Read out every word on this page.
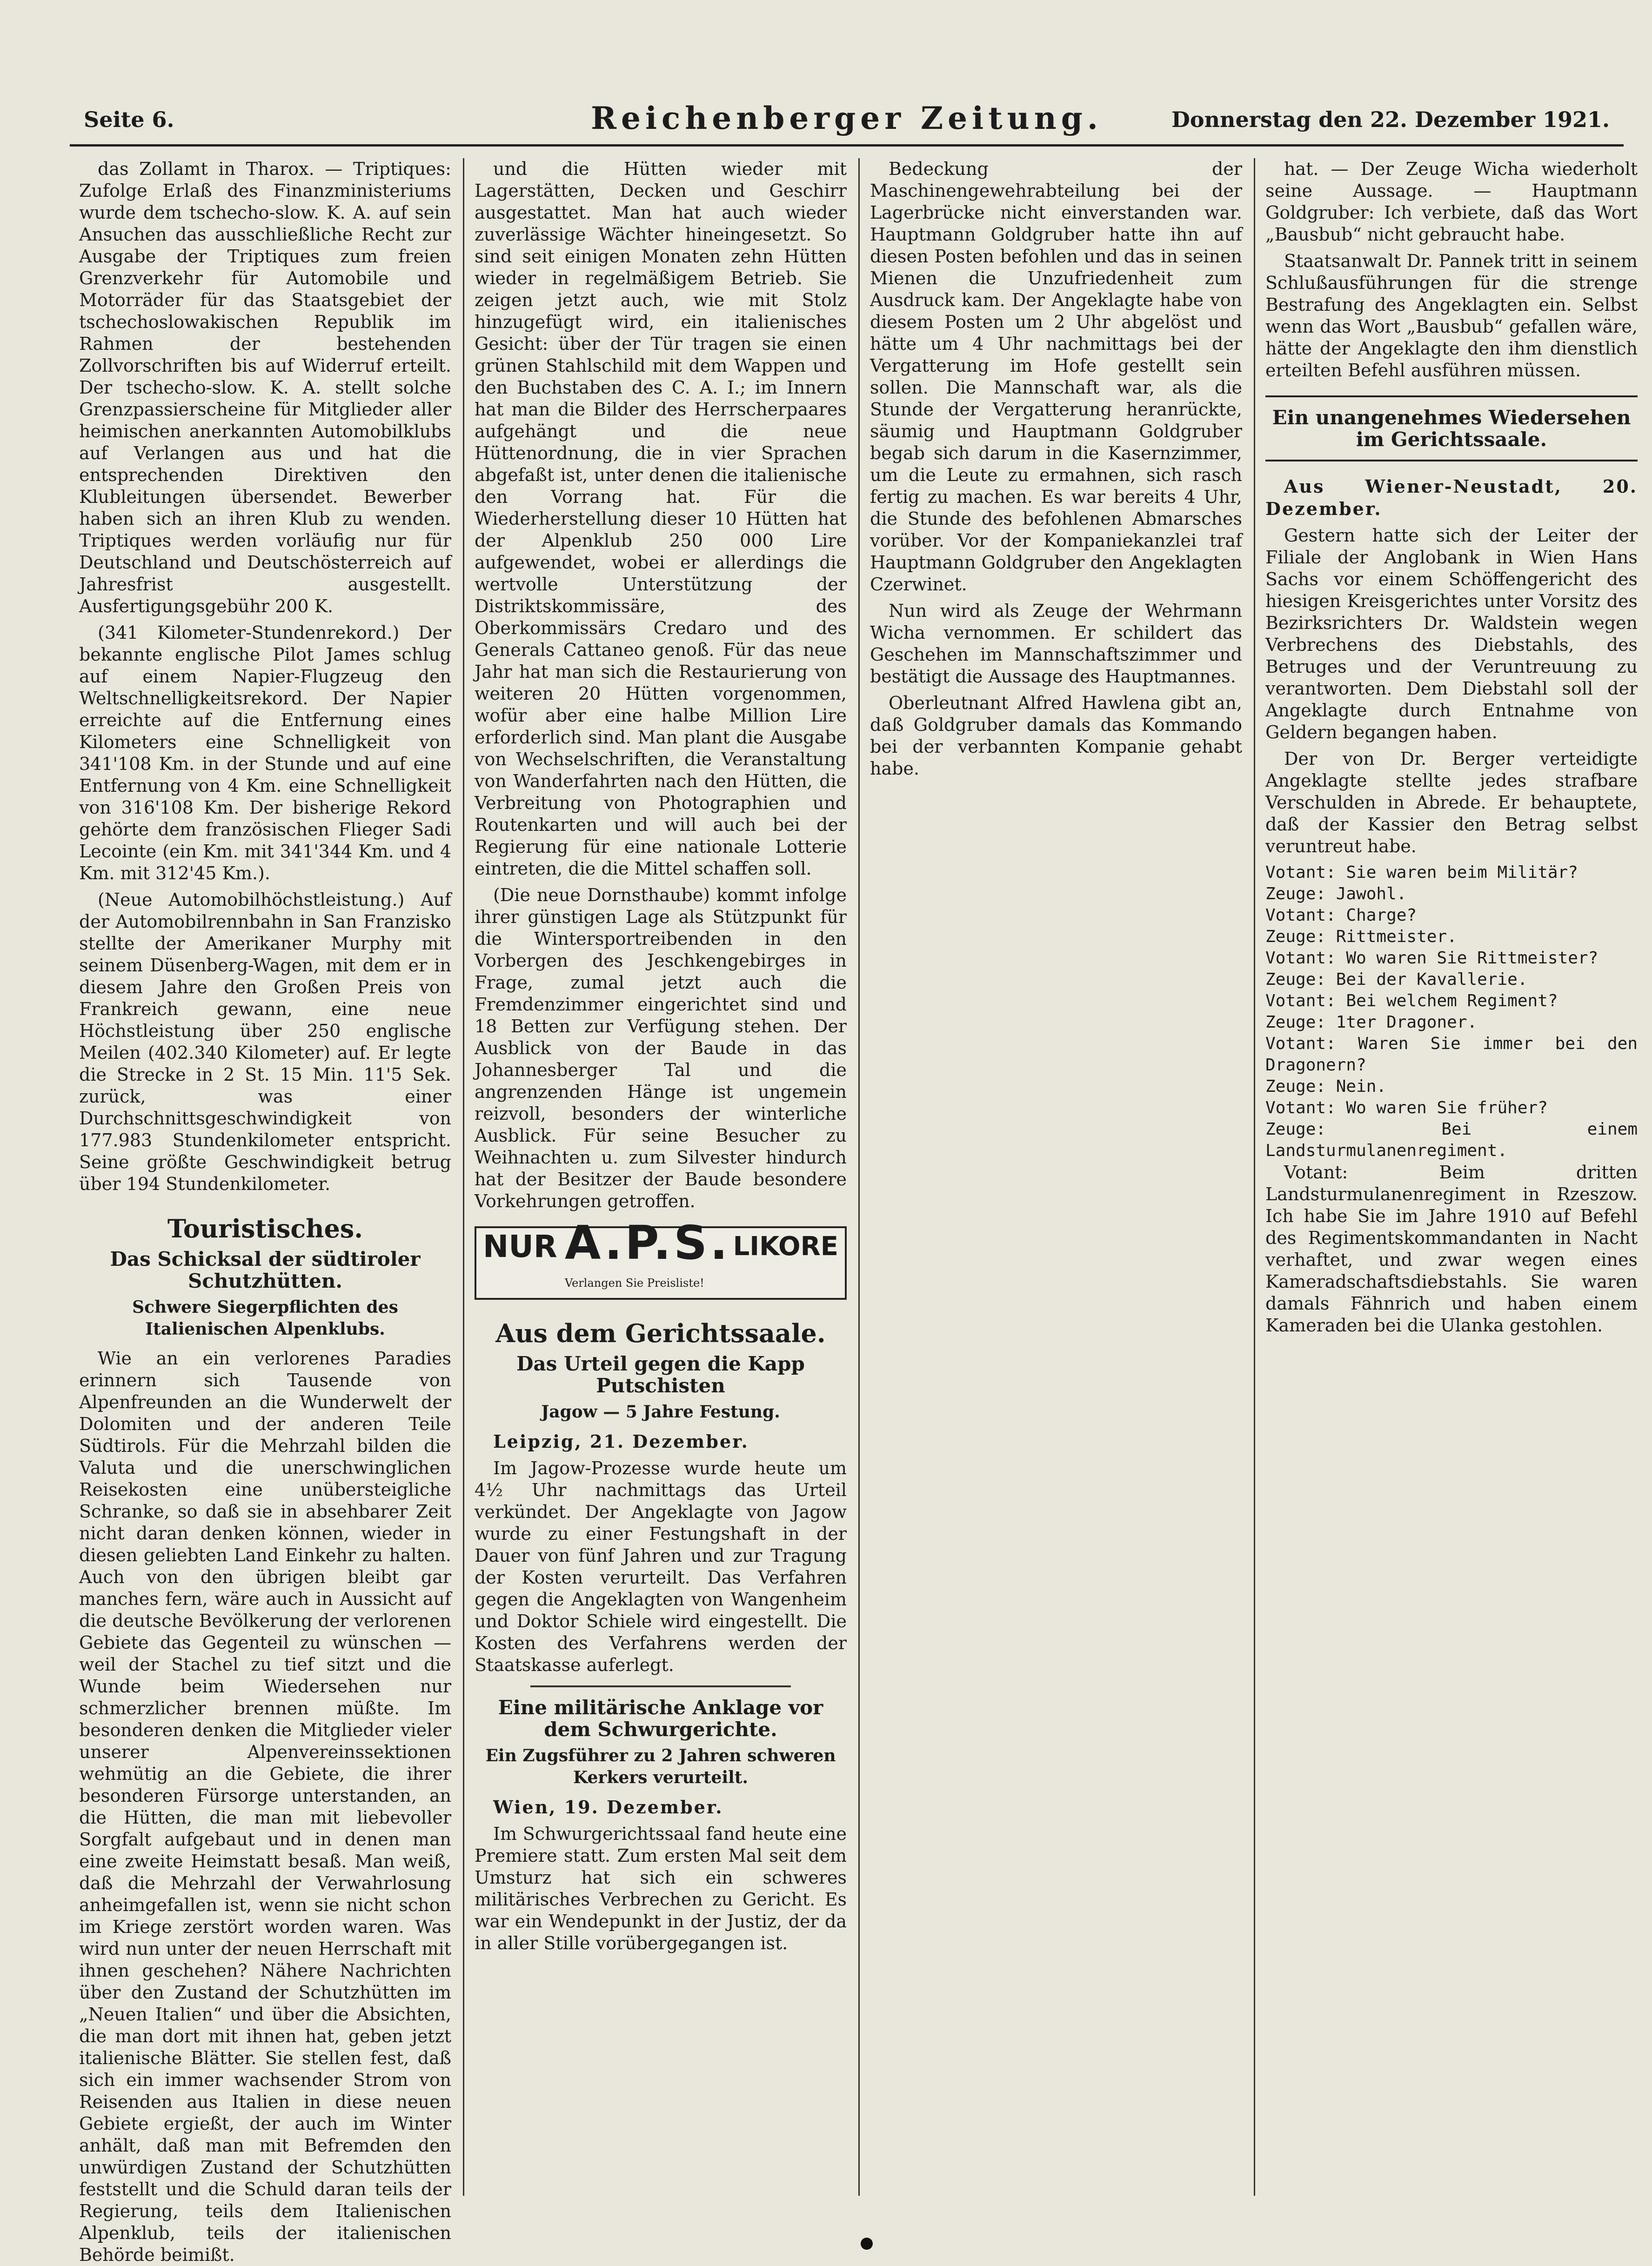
Seite 6.	Reichenberger Zeitung.	Donnerstag den 22. Dezember 1921.

das Zollamt in Tharox. — Triptiques: Zufolge Erlaß des Finanzministeriums wurde dem tschecho-slow. K. A. auf sein Ansuchen das ausschließliche Recht zur Ausgabe der Triptiques zum freien Grenzverkehr für Automobile und Motorräder für das Staatsgebiet der tschechoslowakischen Republik im Rahmen der bestehenden Zollvorschriften bis auf Widerruf erteilt. Der tschecho-slow. K. A. stellt solche Grenzpassierscheine für Mitglieder aller heimischen anerkannten Automobilklubs auf Verlangen aus und hat die entsprechenden Direktiven den Klubleitungen übersendet. Bewerber haben sich an ihren Klub zu wenden. Triptiques werden vorläufig nur für Deutschland und Deutschösterreich auf Jahresfrist ausgestellt. Ausfertigungsgebühr 200 K.

(341 Kilometer-Stundenrekord.) Der bekannte englische Pilot James schlug auf einem Napier-Flugzeug den Weltschnelligkeitsrekord. Der Napier erreichte auf die Entfernung eines Kilometers eine Schnelligkeit von 341'108 Km. in der Stunde und auf eine Entfernung von 4 Km. eine Schnelligkeit von 316'108 Km. Der bisherige Rekord gehörte dem französischen Flieger Sadi Lecointe (ein Km. mit 341'344 Km. und 4 Km. mit 312'45 Km.).

(Neue Automobilhöchstleistung.) Auf der Automobilrennbahn in San Franzisko stellte der Amerikaner Murphy mit seinem Düsenberg-Wagen, mit dem er in diesem Jahre den Großen Preis von Frankreich gewann, eine neue Höchstleistung über 250 englische Meilen (402.340 Kilometer) auf. Er legte die Strecke in 2 St. 15 Min. 11'5 Sek. zurück, was einer Durchschnittsgeschwindigkeit von 177.983 Stundenkilometer entspricht. Seine größte Geschwindigkeit betrug über 194 Stundenkilometer.

Touristisches.
Das Schicksal der südtiroler Schutzhütten.
Schwere Siegerpflichten des Italienischen Alpenklubs.

Wie an ein verlorenes Paradies erinnern sich Tausende von Alpenfreunden an die Wunderwelt der Dolomiten und der anderen Teile Südtirols. Für die Mehrzahl bilden die Valuta und die unerschwinglichen Reisekosten eine unübersteigliche Schranke, so daß sie in absehbarer Zeit nicht daran denken können, wieder in diesen geliebten Land Einkehr zu halten. Auch von den übrigen bleibt gar manches fern, wäre auch in Aussicht auf die deutsche Bevölkerung der verlorenen Gebiete das Gegenteil zu wünschen — weil der Stachel zu tief sitzt und die Wunde beim Wiedersehen nur schmerzlicher brennen müßte. Im besonderen denken die Mitglieder vieler unserer Alpenvereinssektionen wehmütig an die Gebiete, die ihrer besonderen Fürsorge unterstanden, an die Hütten, die man mit liebevoller Sorgfalt aufgebaut und in denen man eine zweite Heimstatt besaß. Man weiß, daß die Mehrzahl der Verwahrlosung anheimgefallen ist, wenn sie nicht schon im Kriege zerstört worden waren. Was wird nun unter der neuen Herrschaft mit ihnen geschehen? Nähere Nachrichten über den Zustand der Schutzhütten im „Neuen Italien“ und über die Absichten, die man dort mit ihnen hat, geben jetzt italienische Blätter. Sie stellen fest, daß sich ein immer wachsender Strom von Reisenden aus Italien in diese neuen Gebiete ergießt, der auch im Winter anhält, daß man mit Befremden den unwürdigen Zustand der Schutzhütten feststellt und die Schuld daran teils der Regierung, teils dem Italienischen Alpenklub, teils der italienischen Behörde beimißt.

und die Hütten wieder mit Lagerstätten, Decken und Geschirr ausgestattet. Man hat auch wieder zuverlässige Wächter hineingesetzt. So sind seit einigen Monaten zehn Hütten wieder in regelmäßigem Betrieb. Sie zeigen jetzt auch, wie mit Stolz hinzugefügt wird, ein italienisches Gesicht: über der Tür tragen sie einen grünen Stahlschild mit dem Wappen und den Buchstaben des C. A. I.; im Innern hat man die Bilder des Herrscherpaares aufgehängt und die neue Hüttenordnung, die in vier Sprachen abgefaßt ist, unter denen die italienische den Vorrang hat. Für die Wiederherstellung dieser 10 Hütten hat der Alpenklub 250 000 Lire aufgewendet, wobei er allerdings die wertvolle Unterstützung der Distriktskommissäre, des Oberkommissärs Credaro und des Generals Cattaneo genoß. Für das neue Jahr hat man sich die Restaurierung von weiteren 20 Hütten vorgenommen, wofür aber eine halbe Million Lire erforderlich sind. Man plant die Ausgabe von Wechselschriften, die Veranstaltung von Wanderfahrten nach den Hütten, die Verbreitung von Photographien und Routenkarten und will auch bei der Regierung für eine nationale Lotterie eintreten, die die Mittel schaffen soll.

(Die neue Dornsthaube) kommt infolge ihrer günstigen Lage als Stützpunkt für die Wintersportreibenden in den Vorbergen des Jeschkengebirges in Frage, zumal jetzt auch die Fremdenzimmer eingerichtet sind und 18 Betten zur Verfügung stehen. Der Ausblick von der Baude in das Johannesberger Tal und die angrenzenden Hänge ist ungemein reizvoll, besonders der winterliche Ausblick. Für seine Besucher zu Weihnachten u. zum Silvester hindurch hat der Besitzer der Baude besondere Vorkehrungen getroffen.

NUR A.P.S. LIKORE
Verlangen Sie Preisliste!
Aus dem Gerichtssaale.
Das Urteil gegen die Kapp Putschisten
Jagow — 5 Jahre Festung.

Leipzig, 21. Dezember.

Im Jagow-Prozesse wurde heute um 4½ Uhr nachmittags das Urteil verkündet. Der Angeklagte von Jagow wurde zu einer Festungshaft in der Dauer von fünf Jahren und zur Tragung der Kosten verurteilt. Das Verfahren gegen die Angeklagten von Wangenheim und Doktor Schiele wird eingestellt. Die Kosten des Verfahrens werden der Staatskasse auferlegt.

Eine militärische Anklage vor dem Schwurgerichte.
Ein Zugsführer zu 2 Jahren schweren Kerkers verurteilt.

Wien, 19. Dezember.

Im Schwurgerichtssaal fand heute eine Premiere statt. Zum ersten Mal seit dem Umsturz hat sich ein schweres militärisches Verbrechen zu Gericht. Es war ein Wendepunkt in der Justiz, der da in aller Stille vorübergegangen ist.

Bedeckung der Maschinengewehrabteilung bei der Lagerbrücke nicht einverstanden war. Hauptmann Goldgruber hatte ihn auf diesen Posten befohlen und das in seinen Mienen die Unzufriedenheit zum Ausdruck kam. Der Angeklagte habe von diesem Posten um 2 Uhr abgelöst und hätte um 4 Uhr nachmittags bei der Vergatterung im Hofe gestellt sein sollen. Die Mannschaft war, als die Stunde der Vergatterung heranrückte, säumig und Hauptmann Goldgruber begab sich darum in die Kasernzimmer, um die Leute zu ermahnen, sich rasch fertig zu machen. Es war bereits 4 Uhr, die Stunde des befohlenen Abmarsches vorüber. Vor der Kompaniekanzlei traf Hauptmann Goldgruber den Angeklagten Czerwinet.

Nun wird als Zeuge der Wehrmann Wicha vernommen. Er schildert das Geschehen im Mannschaftszimmer und bestätigt die Aussage des Hauptmannes.

Oberleutnant Alfred Hawlena gibt an, daß Goldgruber damals das Kommando bei der verbannten Kompanie gehabt habe.

hat. — Der Zeuge Wicha wiederholt seine Aussage. — Hauptmann Goldgruber: Ich verbiete, daß das Wort „Bausbub“ nicht gebraucht habe.

Staatsanwalt Dr. Pannek tritt in seinem Schlußausführungen für die strenge Bestrafung des Angeklagten ein. Selbst wenn das Wort „Bausbub“ gefallen wäre, hätte der Angeklagte den ihm dienstlich erteilten Befehl ausführen müssen.

Ein unangenehmes Wiedersehen im Gerichtssaale.

Aus Wiener-Neustadt, 20. Dezember.

Gestern hatte sich der Leiter der Filiale der Anglobank in Wien Hans Sachs vor einem Schöffengericht des hiesigen Kreisgerichtes unter Vorsitz des Bezirksrichters Dr. Waldstein wegen Verbrechens des Diebstahls, des Betruges und der Veruntreuung zu verantworten. Dem Diebstahl soll der Angeklagte durch Entnahme von Geldern begangen haben.

Der von Dr. Berger verteidigte Angeklagte stellte jedes strafbare Verschulden in Abrede. Er behauptete, daß der Kassier den Betrag selbst veruntreut habe.

Votant: Sie waren beim Militär?
Zeuge: Jawohl.
Votant: Charge?
Zeuge: Rittmeister.
Votant: Wo waren Sie Rittmeister?
Zeuge: Bei der Kavallerie.
Votant: Bei welchem Regiment?
Zeuge: 1ter Dragoner.
Votant: Waren Sie immer bei den Dragonern?
Zeuge: Nein.
Votant: Wo waren Sie früher?
Zeuge: Bei einem Landsturmulanenregiment.

Votant: Beim dritten Landsturmulanenregiment in Rzeszow. Ich habe Sie im Jahre 1910 auf Befehl des Regimentskommandanten in Nacht verhaftet, und zwar wegen eines Kameradschaftsdiebstahls. Sie waren damals Fähnrich und haben einem Kameraden bei die Ulanka gestohlen.
